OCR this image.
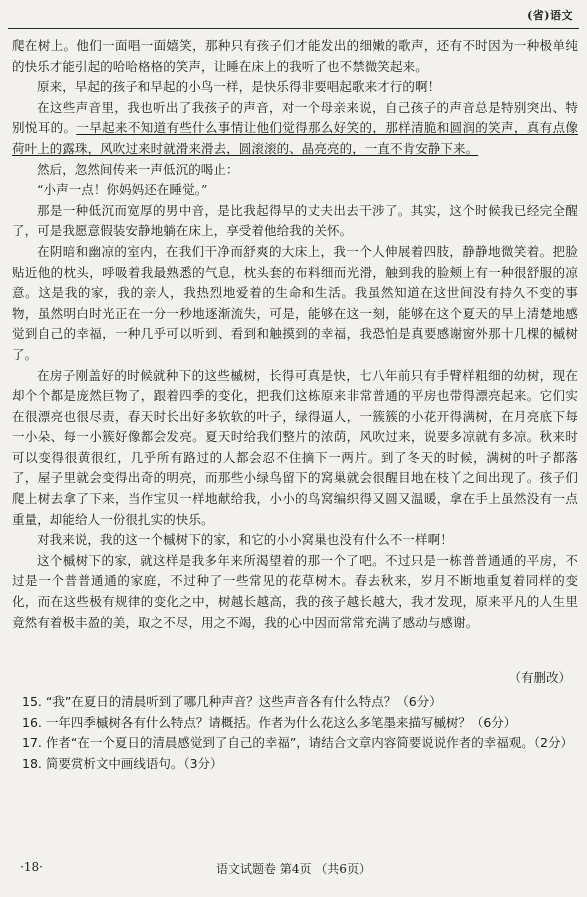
(省)语文

爬在树上。他们一面唱一面嬉笑，那种只有孩子们才能发出的细嫩的歌声，还有不时因为一种极单纯的快乐才能引起的哈哈格格的笑声，让睡在床上的我听了也不禁微笑起来。

原来，早起的孩子和早起的小鸟一样，是快乐得非要唱起歌来才行的啊！

在这些声音里，我也听出了我孩子的声音，对一个母亲来说，自己孩子的声音总是特别突出、特别悦耳的。一早起来不知道有些什么事情让他们觉得那么好笑的，那样清脆和圆润的笑声，真有点像荷叶上的露珠，风吹过来时就滑来滑去，圆滚滚的、晶亮亮的，一直不肯安静下来。

然后，忽然间传来一声低沉的喝止：

“小声一点！你妈妈还在睡觉。”

那是一种低沉而宽厚的男中音，是比我起得早的丈夫出去干涉了。其实，这个时候我已经完全醒了，可是我愿意假装安静地躺在床上，享受着他给我的关怀。

在阴暗和幽凉的室内，在我们干净而舒爽的大床上，我一个人伸展着四肢，静静地微笑着。把脸贴近他的枕头，呼吸着我最熟悉的气息，枕头套的布料细而光滑，触到我的脸颊上有一种很舒服的凉意。这是我的家，我的亲人，我热烈地爱着的生命和生活。我虽然知道在这世间没有持久不变的事物，虽然明白时光正在一分一秒地逐渐流失，可是，能够在这一刻，能够在这个夏天的早上清楚地感觉到自己的幸福，一种几乎可以听到、看到和触摸到的幸福，我恐怕是真要感谢窗外那十几棵的槭树了。

在房子刚盖好的时候就种下的这些槭树，长得可真是快，七八年前只有手臂样粗细的幼树，现在却个个都是庞然巨物了，跟着四季的变化，把我们这栋原来非常普通的平房也带得漂亮起来。它们实在很漂亮也很尽责，春天时长出好多软软的叶子，绿得逼人，一簇簇的小花开得满树，在月亮底下每一小朵、每一小簇好像都会发亮。夏天时给我们整片的浓荫，风吹过来，说要多凉就有多凉。秋来时可以变得很黄很红，几乎所有路过的人都会忍不住摘下一两片。到了冬天的时候，满树的叶子都落了，屋子里就会变得出奇的明亮，而那些小绿鸟留下的窝巢就会很醒目地在枝丫之间出现了。孩子们爬上树去拿了下来，当作宝贝一样地献给我，小小的鸟窝编织得又圆又温暖，拿在手上虽然没有一点重量，却能给人一份很扎实的快乐。

对我来说，我的这一个槭树下的家，和它的小小窝巢也没有什么不一样啊！

这个槭树下的家，就这样是我多年来所渴望着的那一个了吧。不过只是一栋普普通通的平房，不过是一个普普通通的家庭，不过种了一些常见的花草树木。春去秋来，岁月不断地重复着同样的变化，而在这些极有规律的变化之中，树越长越高，我的孩子越长越大，我才发现，原来平凡的人生里竟然有着极丰盈的美，取之不尽，用之不竭，我的心中因而常常充满了感动与感谢。

（有删改）
15. “我”在夏日的清晨听到了哪几种声音？这些声音各有什么特点？（6分）
16. 一年四季槭树各有什么特点？请概括。作者为什么花这么多笔墨来描写槭树？（6分）
17. 作者“在一个夏日的清晨感觉到了自己的幸福”，请结合文章内容简要说说作者的幸福观。（2分）
18. 简要赏析文中画线语句。（3分）
·18·	语文试题卷 第4页 （共6页）
